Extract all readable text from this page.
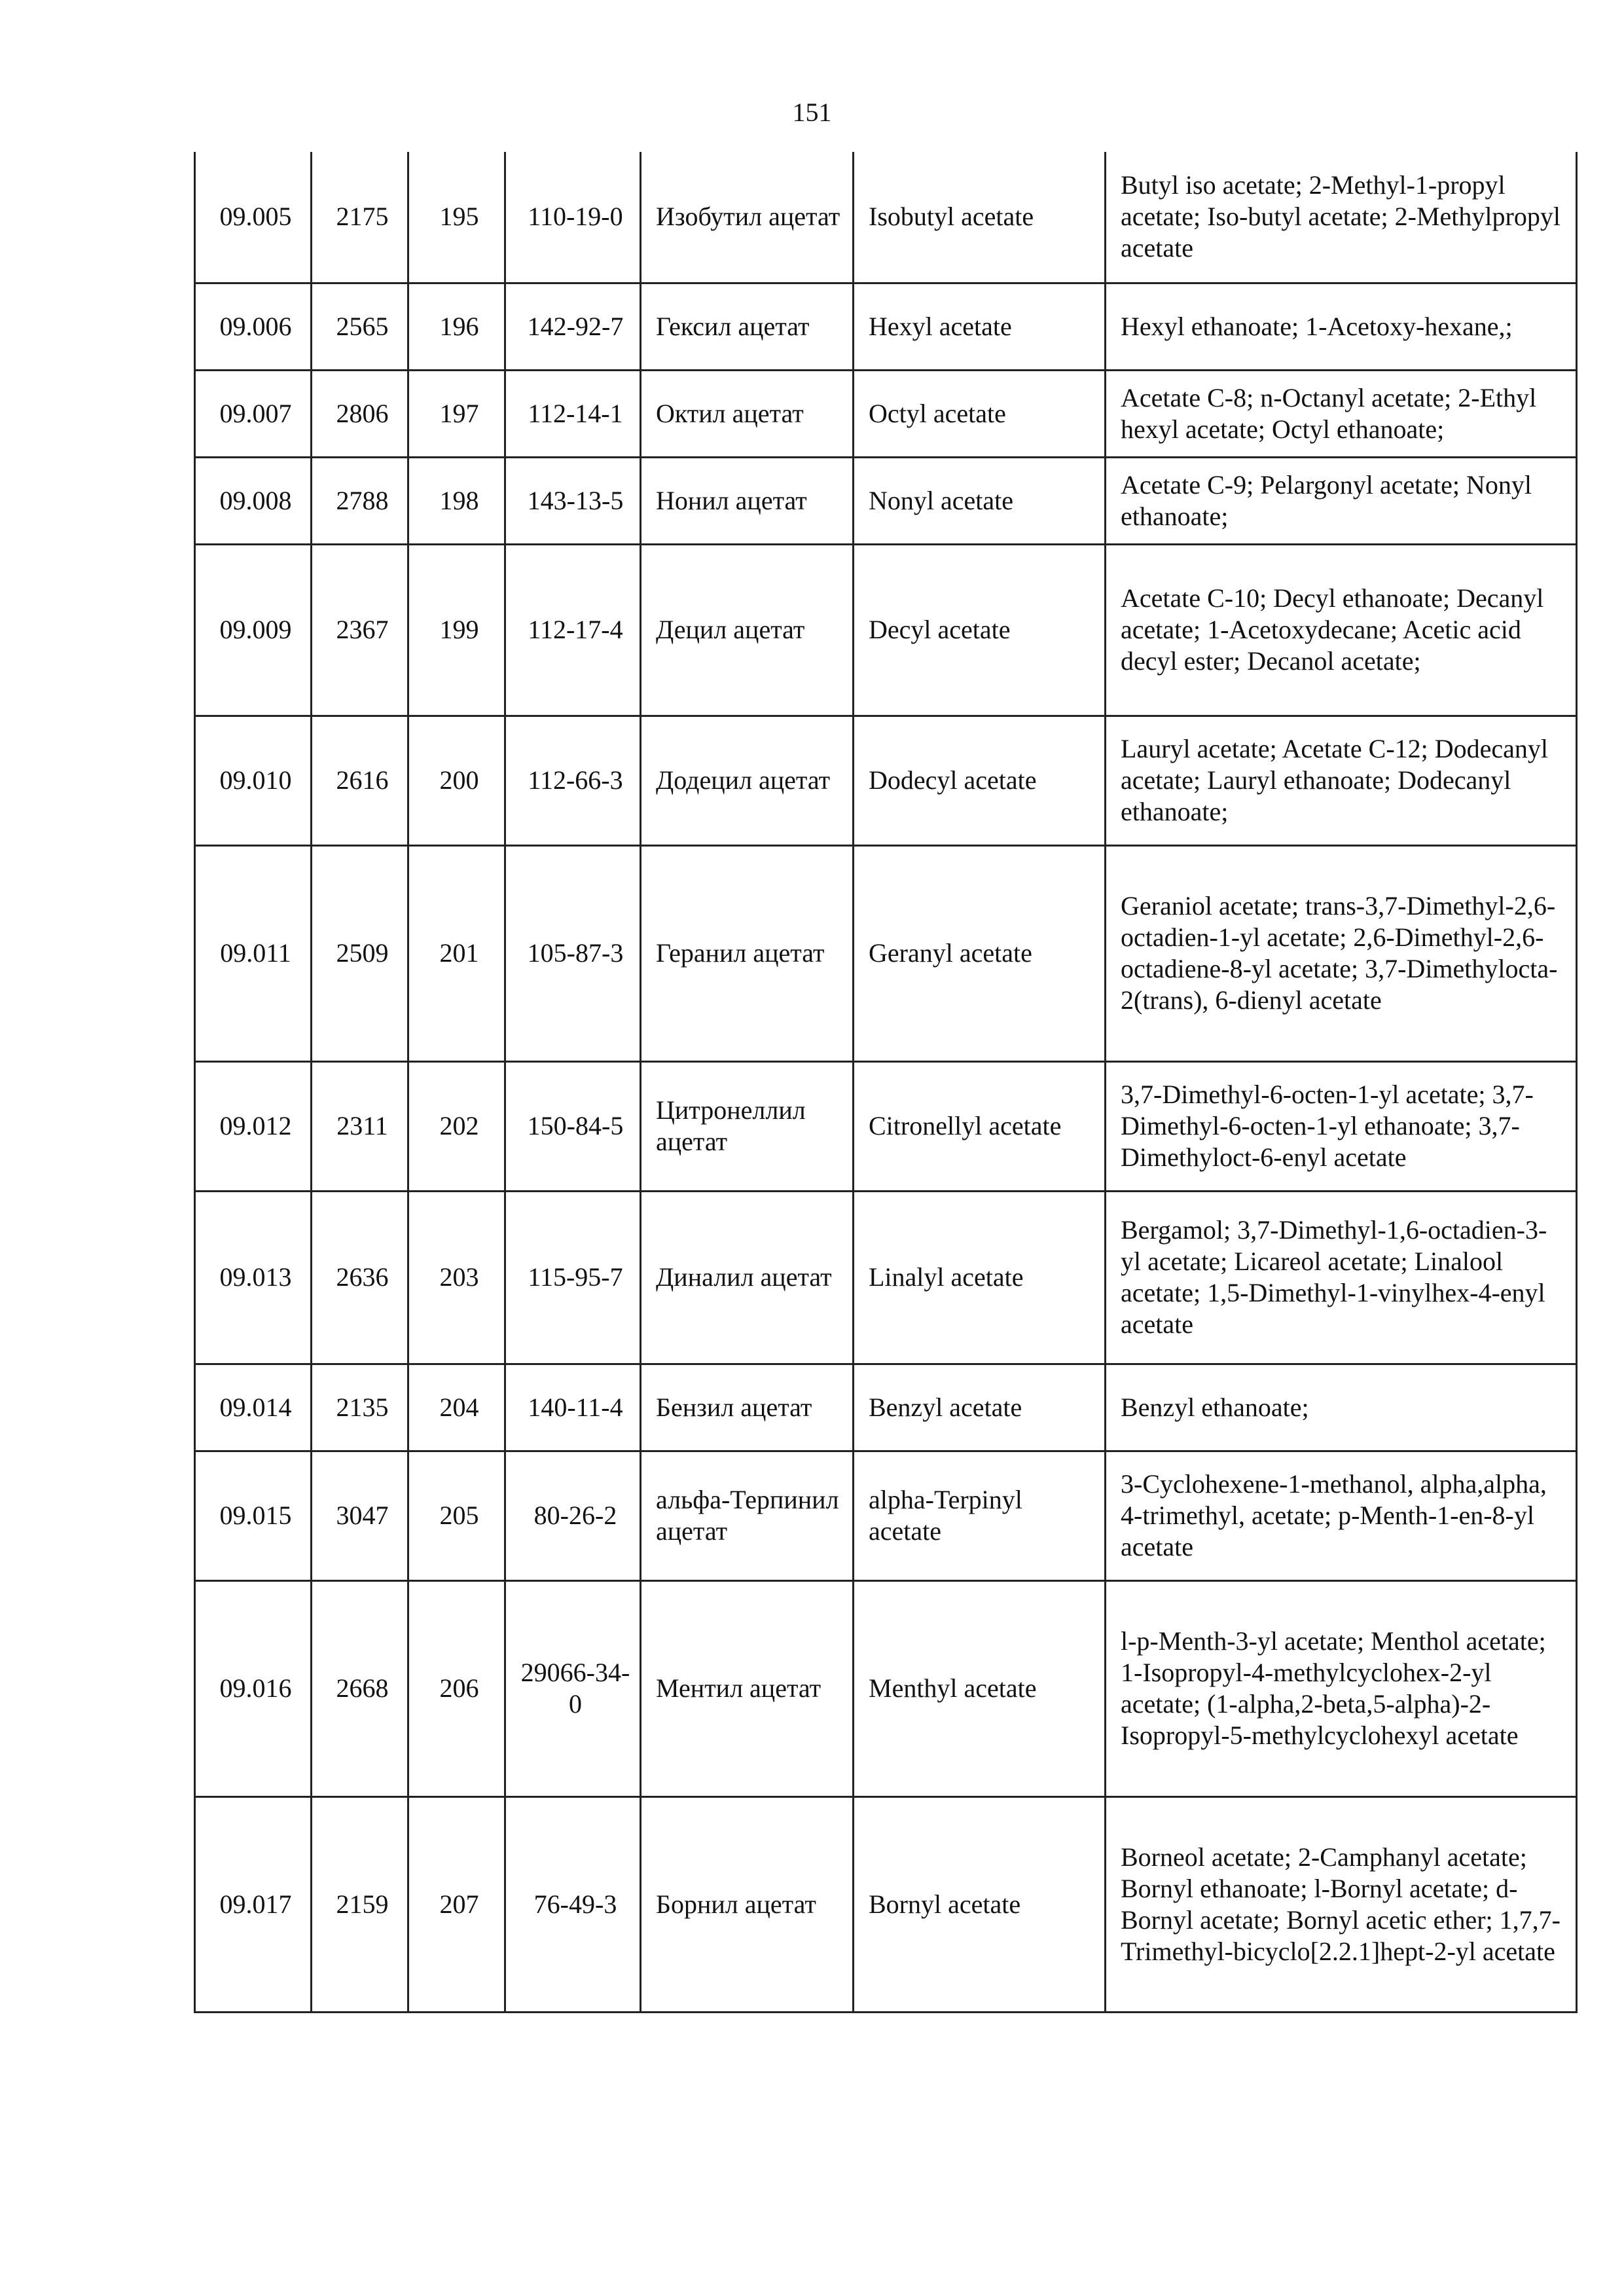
151
09.005	2175	195	110-19-0	Изобутил ацетат	Isobutyl acetate	Butyl iso acetate; 2-Methyl-1-propyl acetate; Iso-butyl acetate; 2-Methylpropyl acetate
09.006	2565	196	142-92-7	Гексил ацетат	Hexyl acetate	Hexyl ethanoate; 1-Acetoxy-hexane,;
09.007	2806	197	112-14-1	Октил ацетат	Octyl acetate	Acetate C-8; n-Octanyl acetate; 2-Ethyl hexyl acetate; Octyl ethanoate;
09.008	2788	198	143-13-5	Нонил ацетат	Nonyl acetate	Acetate C-9; Pelargonyl acetate; Nonyl ethanoate;
09.009	2367	199	112-17-4	Децил ацетат	Decyl acetate	Acetate C-10; Decyl ethanoate; Decanyl acetate; 1-Acetoxydecane; Acetic acid decyl ester; Decanol acetate;
09.010	2616	200	112-66-3	Додецил ацетат	Dodecyl acetate	Lauryl acetate; Acetate C-12; Dodecanyl acetate; Lauryl ethanoate; Dodecanyl ethanoate;
09.011	2509	201	105-87-3	Геранил ацетат	Geranyl acetate	Geraniol acetate; trans-3,7-Dimethyl-2,6-octadien-1-yl acetate; 2,6-Dimethyl-2,6-octadiene-8-yl acetate; 3,7-Dimethylocta-2(trans), 6-dienyl acetate
09.012	2311	202	150-84-5	Цитронеллил ацетат	Citronellyl acetate	3,7-Dimethyl-6-octen-1-yl acetate; 3,7-Dimethyl-6-octen-1-yl ethanoate; 3,7-Dimethyloct-6-enyl acetate
09.013	2636	203	115-95-7	Диналил ацетат	Linalyl acetate	Bergamol; 3,7-Dimethyl-1,6-octadien-3-yl acetate; Licareol acetate; Linalool acetate; 1,5-Dimethyl-1-vinylhex-4-enyl acetate
09.014	2135	204	140-11-4	Бензил ацетат	Benzyl acetate	Benzyl ethanoate;
09.015	3047	205	80-26-2	альфа-Терпинил ацетат	alpha-Terpinyl acetate	3-Cyclohexene-1-methanol, alpha,alpha, 4-trimethyl, acetate; p-Menth-1-en-8-yl acetate
09.016	2668	206	29066-34-0	Ментил ацетат	Menthyl acetate	l-p-Menth-3-yl acetate; Menthol acetate; 1-Isopropyl-4-methylcyclohex-2-yl acetate; (1-alpha,2-beta,5-alpha)-2-Isopropyl-5-methylcyclohexyl acetate
09.017	2159	207	76-49-3	Борнил ацетат	Bornyl acetate	Borneol acetate; 2-Camphanyl acetate; Bornyl ethanoate; l-Bornyl acetate; d-Bornyl acetate; Bornyl acetic ether; 1,7,7-Trimethyl-bicyclo[2.2.1]hept-2-yl acetate
